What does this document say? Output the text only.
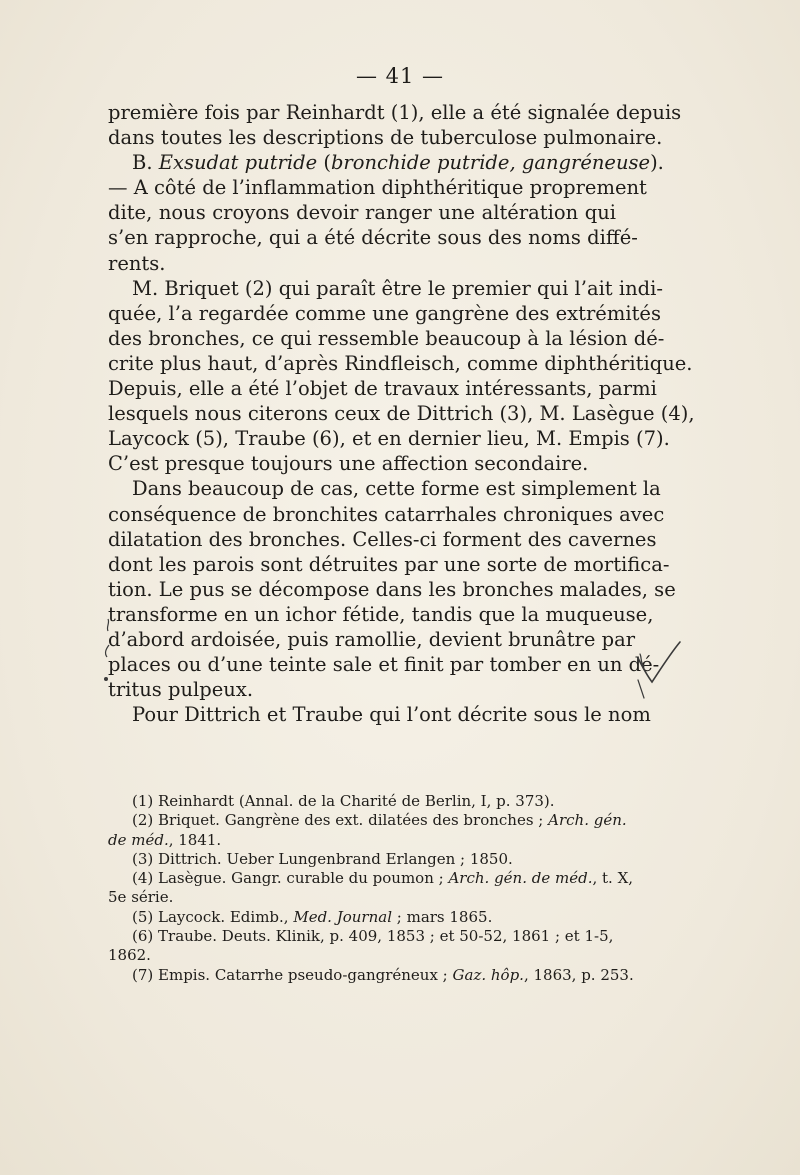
— 41 —
première fois par Reinhardt (1), elle a été signalée depuis
dans toutes les descriptions de tuberculose pulmonaire.
B. Exsudat putride (bronchide putride, gangréneuse).
— A côté de l’inflammation diphthéritique proprement
dite, nous croyons devoir ranger une altération qui
s’en rapproche, qui a été décrite sous des noms diffé-
rents.
M. Briquet (2) qui paraît être le premier qui l’ait indi-
quée, l’a regardée comme une gangrène des extrémités
des bronches, ce qui ressemble beaucoup à la lésion dé-
crite plus haut, d’après Rindfleisch, comme diphthéritique.
Depuis, elle a été l’objet de travaux intéressants, parmi
lesquels nous citerons ceux de Dittrich (3), M. Lasègue (4),
Laycock (5), Traube (6), et en dernier lieu, M. Empis (7).
C’est presque toujours une affection secondaire.
Dans beaucoup de cas, cette forme est simplement la
conséquence de bronchites catarrhales chroniques avec
dilatation des bronches. Celles-ci forment des cavernes
dont les parois sont détruites par une sorte de mortifica-
tion. Le pus se décompose dans les bronches malades, se
transforme en un ichor fétide, tandis que la muqueuse,
d’abord ardoisée, puis ramollie, devient brunâtre par
places ou d’une teinte sale et finit par tomber en un dé-
tritus pulpeux.
Pour Dittrich et Traube qui l’ont décrite sous le nom
(1) Reinhardt (Annal. de la Charité de Berlin, I, p. 373).
(2) Briquet. Gangrène des ext. dilatées des bronches ; Arch. gén.
de méd., 1841.
(3) Dittrich. Ueber Lungenbrand Erlangen ; 1850.
(4) Lasègue. Gangr. curable du poumon ; Arch. gén. de méd., t. X,
5e série.
(5) Laycock. Edimb., Med. Journal ; mars 1865.
(6) Traube. Deuts. Klinik, p. 409, 1853 ; et 50-52, 1861 ; et 1-5,
1862.
(7) Empis. Catarrhe pseudo-gangréneux ; Gaz. hôp., 1863, p. 253.
